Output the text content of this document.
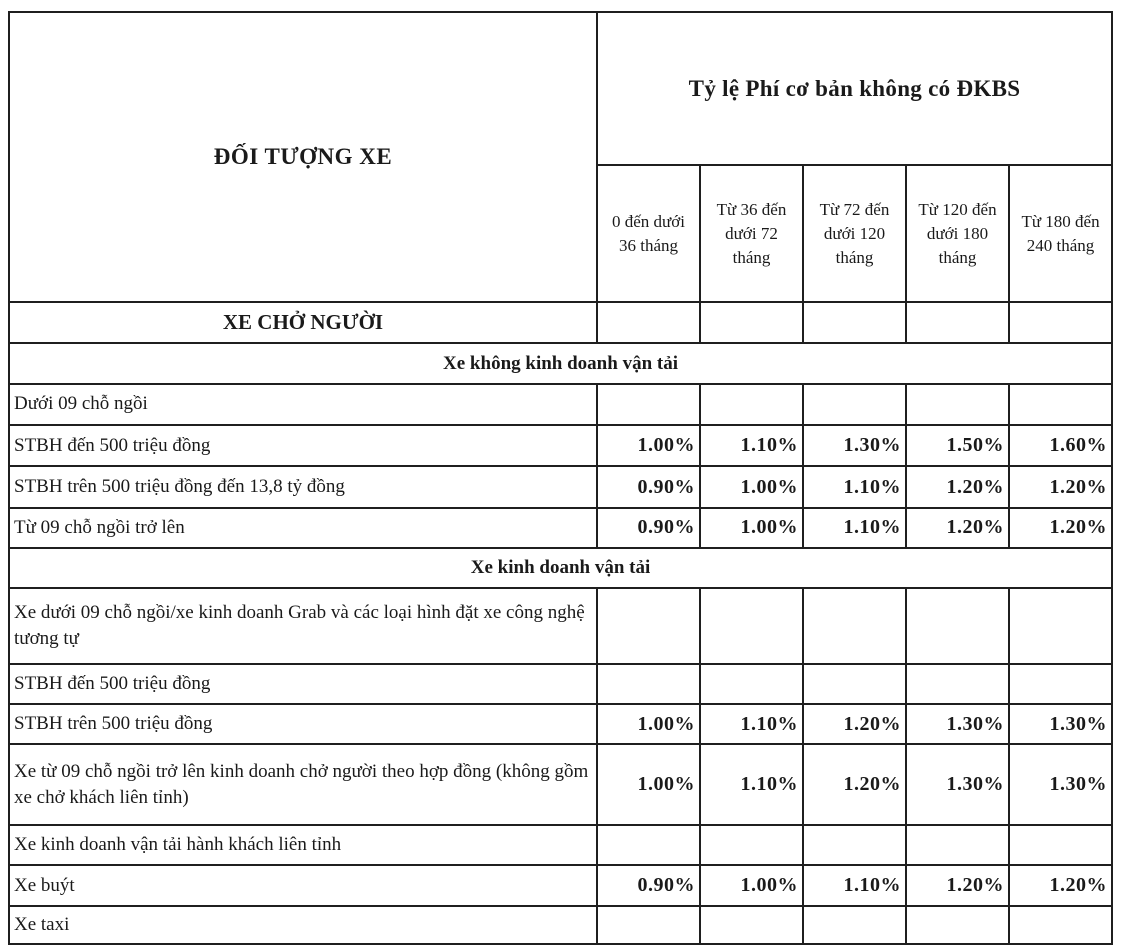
ĐỐI TƯỢNG XE	Tỷ lệ Phí cơ bản không có ĐKBS				
	0 đến dưới 36 tháng	Từ 36 đến dưới 72 tháng	Từ 72 đến dưới 120 tháng	Từ 120 đến dưới 180 tháng	Từ 180 đến 240 tháng
XE CHỞ NGƯỜI					
Xe không kinh doanh vận tải					
Dưới 09 chỗ ngồi					
STBH đến 500 triệu đồng	1.00%	1.10%	1.30%	1.50%	1.60%
STBH trên 500 triệu đồng đến 13,8 tỷ đồng	0.90%	1.00%	1.10%	1.20%	1.20%
Từ 09 chỗ ngồi trở lên	0.90%	1.00%	1.10%	1.20%	1.20%
Xe kinh doanh vận tải					
Xe dưới 09 chỗ ngồi/xe kinh doanh Grab và các loại hình đặt xe công nghệ tương tự					
STBH đến 500 triệu đồng					
STBH trên 500 triệu đồng	1.00%	1.10%	1.20%	1.30%	1.30%
Xe từ 09 chỗ ngồi trở lên kinh doanh chở người theo hợp đồng (không gồm xe chở khách liên tỉnh)	1.00%	1.10%	1.20%	1.30%	1.30%
Xe kinh doanh vận tải hành khách liên tỉnh					
Xe buýt	0.90%	1.00%	1.10%	1.20%	1.20%
Xe taxi					
